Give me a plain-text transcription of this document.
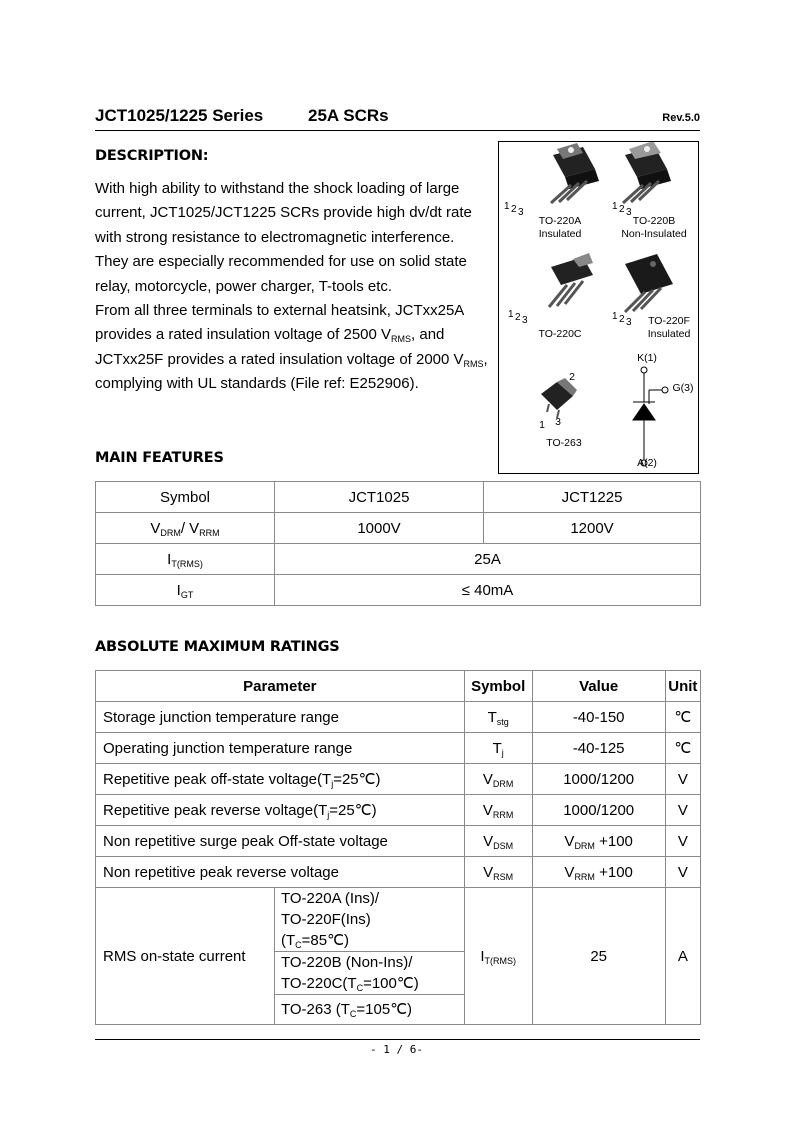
JCT1025/1225 Series	25A SCRs	Rev.5.0
DESCRIPTION:

With high ability to withstand the shock loading of large current, JCT1025/JCT1225 SCRs provide high dv/dt rate with strong resistance to electromagnetic interference. They are especially recommended for use on solid state relay, motorcycle, power charger, T-tools etc.

From all three terminals to external heatsink, JCTxx25A provides a rated insulation voltage of 2500 $V_{RMS}$, and JCTxx25F provides a rated insulation voltage of 2000 $V_{RMS}$, complying with UL standards (File ref: E252906).

1 2 3
1 2 3
1 2 3	1 2 3
TO-220A
Insulated
TO-220B
Non-Insulated
TO-220C
TO-220F
Insulated
TO-263
1
2
3
K(1)
G(3)
A(2)
MAIN FEATURES
Symbol	JCT1025	JCT1225
$V_{DRM}/$ $V_{RRM}$	1000V	1200V
$I_{T(RMS)}$	25A	
$I_{GT}$	≤ 40mA	
ABSOLUTE MAXIMUM RATINGS
Parameter		Symbol	Value	Unit
Storage junction temperature range		$T_{stg}$	-40-150	℃
Operating junction temperature range		$T_j$	-40-125	℃
Repetitive peak off-state $voltage(T_j=25℃)$		$V_{DRM}$	1000/1200	V
Repetitive peak reverse $voltage(T_j=25℃)$		$V_{RRM}$	1000/1200	V
Non repetitive surge peak Off-state voltage		$V_{DSM}$	$V_{DRM} +100$	V
Non repetitive peak reverse voltage		$V_{RSM}$	$V_{RRM} +100$	V
RMS on-state current	TO-220A (Ins)/
TO-220F(Ins)
$(T_C=85℃)$	$I_{T(RMS)}$	25	A
	TO-220B (Non-Ins)/
$TO-220C(T_C=100℃)$			
	TO-263 $(T_C=105℃)$			
- 1 / 6-
